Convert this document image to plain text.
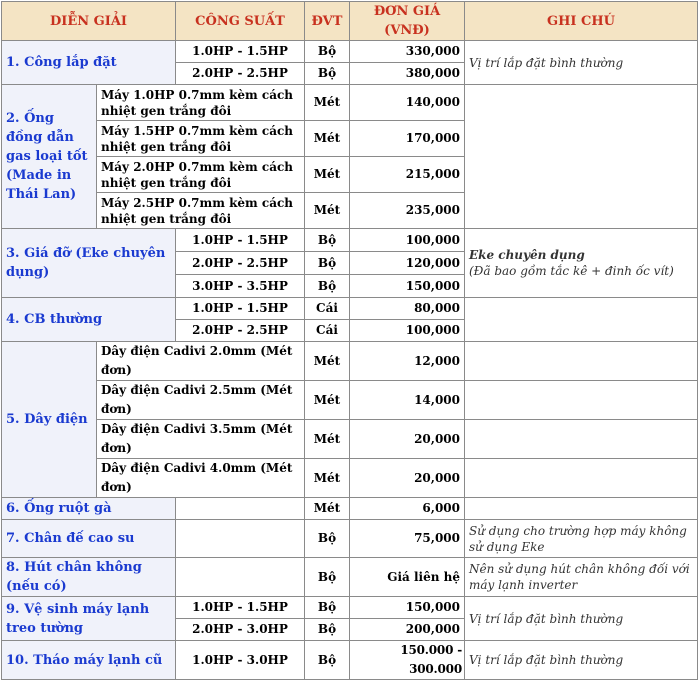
DIỄN GIẢI		CÔNG SUẤT	ĐVT	ĐƠN GIÁ (VNĐ)	GHI CHÚ
1. Công lắp đặt		1.0HP - 1.5HP	Bộ	330,000	Vị trí lắp đặt bình thường
		2.0HP - 2.5HP	Bộ	380,000	
2. Ống đồng dẫn gas loại tốt (Made in Thái Lan)	Máy 1.0HP 0.7mm kèm cách nhiệt gen trắng đôi		Mét	140,000	
	Máy 1.5HP 0.7mm kèm cách nhiệt gen trắng đôi		Mét	170,000	
	Máy 2.0HP 0.7mm kèm cách nhiệt gen trắng đôi		Mét	215,000	
	Máy 2.5HP 0.7mm kèm cách nhiệt gen trắng đôi		Mét	235,000	
3. Giá đỡ (Eke chuyên dụng)		1.0HP - 1.5HP	Bộ	100,000	Eke chuyên dụng
(Đã bao gồm tắc kê + đinh ốc vít)
		2.0HP - 2.5HP	Bộ	120,000	
		3.0HP - 3.5HP	Bộ	150,000	
4. CB thường		1.0HP - 1.5HP	Cái	80,000	
		2.0HP - 2.5HP	Cái	100,000	
5. Dây điện	Dây điện Cadivi 2.0mm (Mét đơn)		Mét	12,000	
	Dây điện Cadivi 2.5mm (Mét đơn)		Mét	14,000	
	Dây điện Cadivi 3.5mm (Mét đơn)		Mét	20,000	
	Dây điện Cadivi 4.0mm (Mét đơn)		Mét	20,000	
6. Ống ruột gà			Mét	6,000	
7. Chân đế cao su			Bộ	75,000	Sử dụng cho trường hợp máy không sử dụng Eke
8. Hút chân không (nếu có)			Bộ	Giá liên hệ	Nên sử dụng hút chân không đối với máy lạnh inverter
9. Vệ sinh máy lạnh treo tường		1.0HP - 1.5HP	Bộ	150,000	Vị trí lắp đặt bình thường
		2.0HP - 3.0HP	Bộ	200,000	
10. Tháo máy lạnh cũ		1.0HP - 3.0HP	Bộ	150.000 - 300.000	Vị trí lắp đặt bình thường
